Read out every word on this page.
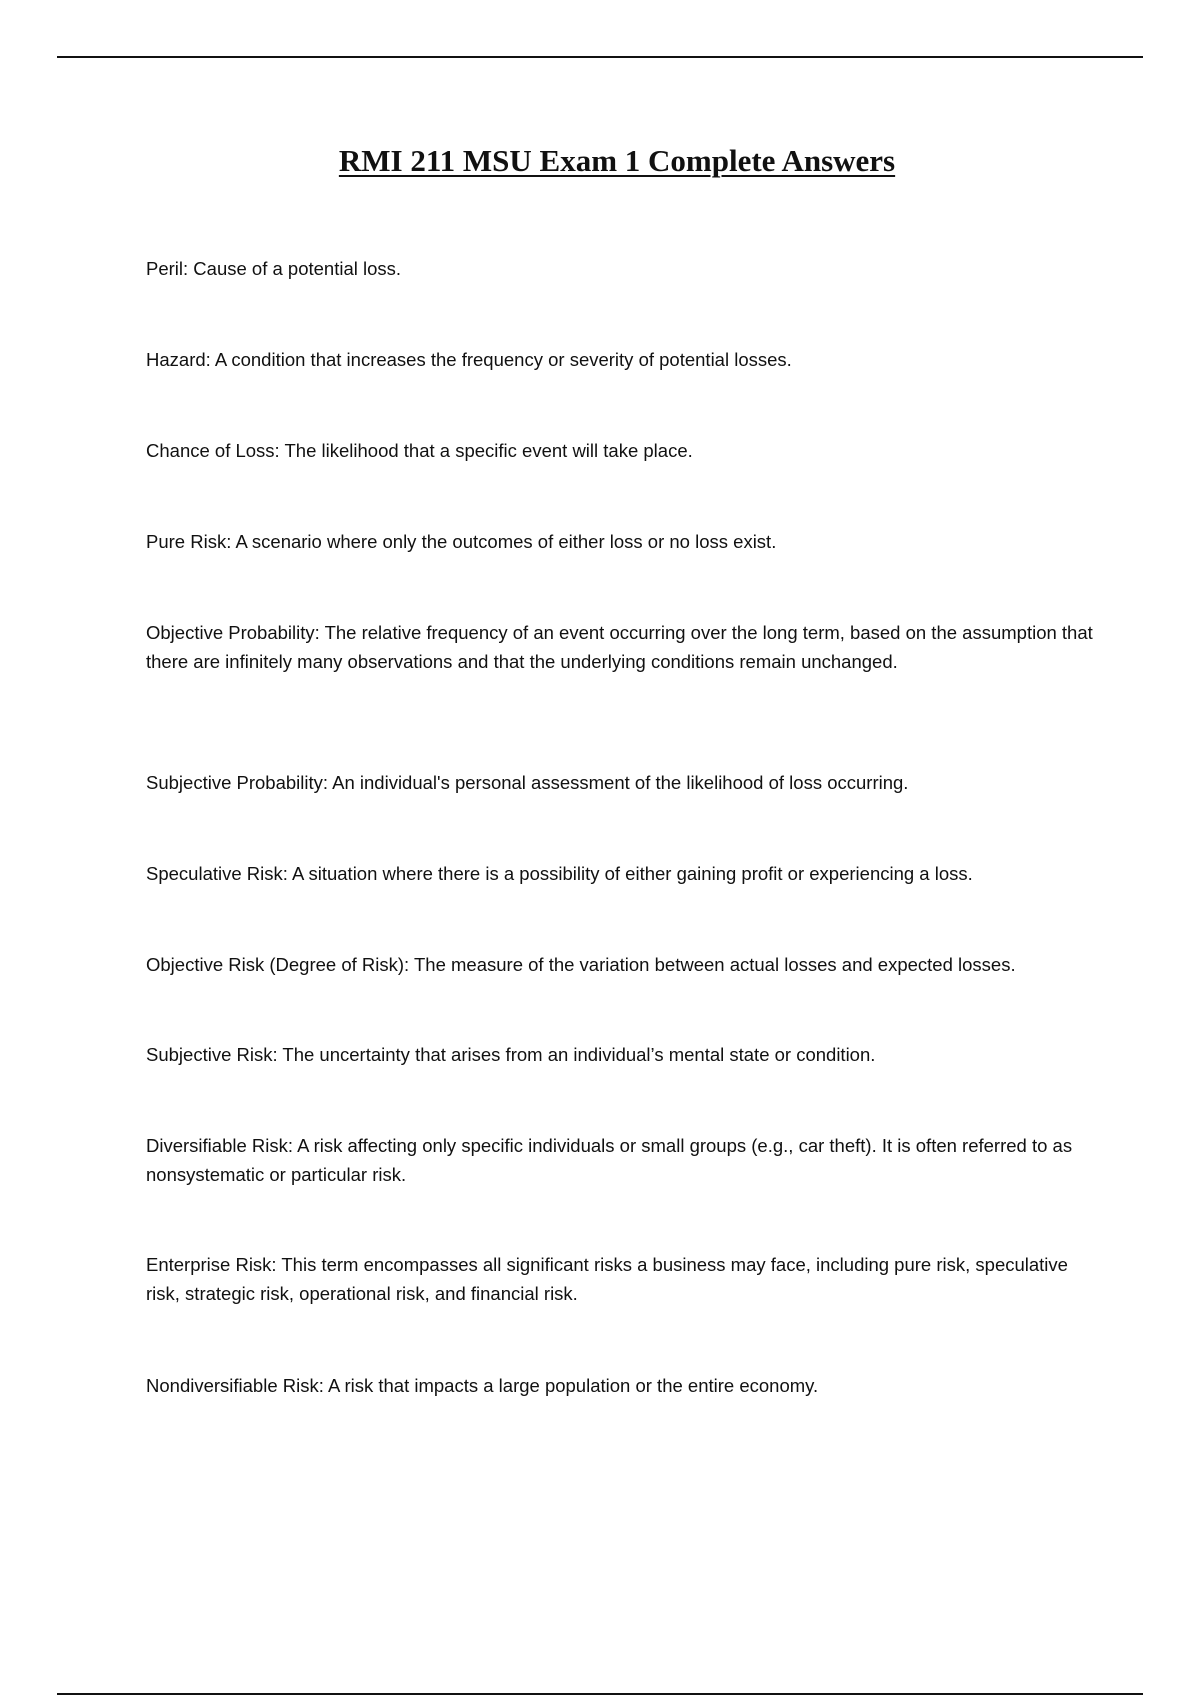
RMI 211 MSU Exam 1 Complete Answers

Peril: Cause of a potential loss.

Hazard: A condition that increases the frequency or severity of potential losses.

Chance of Loss: The likelihood that a specific event will take place.

Pure Risk: A scenario where only the outcomes of either loss or no loss exist.

Objective Probability: The relative frequency of an event occurring over the long term, based on the assumption that there are infinitely many observations and that the underlying conditions remain unchanged.

Subjective Probability: An individual's personal assessment of the likelihood of loss occurring.

Speculative Risk: A situation where there is a possibility of either gaining profit or experiencing a loss.

Objective Risk (Degree of Risk): The measure of the variation between actual losses and expected losses.

Subjective Risk: The uncertainty that arises from an individual’s mental state or condition.

Diversifiable Risk: A risk affecting only specific individuals or small groups (e.g., car theft). It is often referred to as nonsystematic or particular risk.

Enterprise Risk: This term encompasses all significant risks a business may face, including pure risk, speculative risk, strategic risk, operational risk, and financial risk.

Nondiversifiable Risk: A risk that impacts a large population or the entire economy.
